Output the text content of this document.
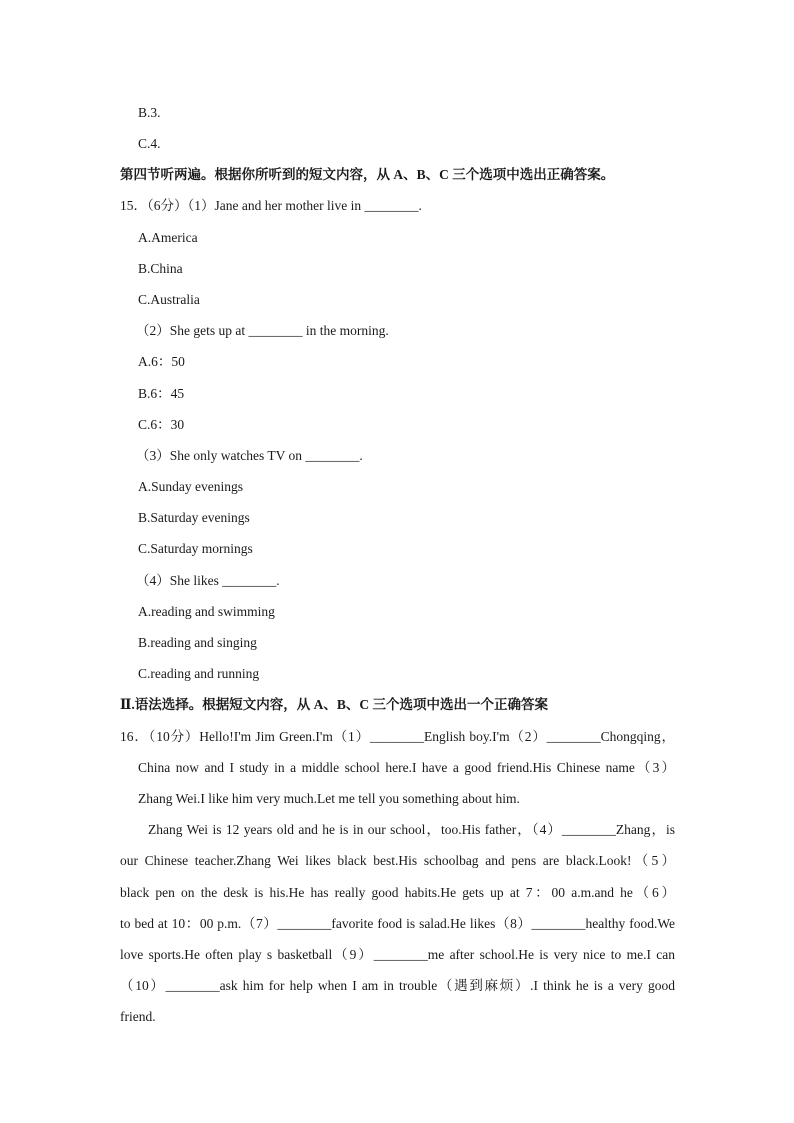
B.3.
C.4.
第四节听两遍。根据你所听到的短文内容，从 A、B、C 三个选项中选出正确答案。
15．（6分）（1）Jane and her mother live in ________.
A.America
B.China
C.Australia
（2）She gets up at ________ in the morning.
A.6：50
B.6：45
C.6：30
（3）She only watches TV on ________.
A.Sunday evenings
B.Saturday evenings
C.Saturday mornings
（4）She likes ________.
A.reading and swimming
B.reading and singing
C.reading and running
Ⅱ.语法选择。根据短文内容，从 A、B、C 三个选项中选出一个正确答案
16．（10分）Hello!I'm Jim Green.I'm（1）________English boy.I'm（2）________Chongqing，
China now and I study in a middle school here.I have a good friend.His Chinese name（3）
Zhang Wei.I like him very much.Let me tell you something about him.
Zhang Wei is 12 years old and he is in our school，too.His father，（4）________Zhang，is
our Chinese teacher.Zhang Wei likes black best.His schoolbag and pens are black.Look!（5）
black pen on the desk is his.He has really good habits.He gets up at 7：00 a.m.and he（6）
to bed at 10：00 p.m.（7）________favorite food is salad.He likes（8）________healthy food.We
love sports.He often play s basketball（9）________me after school.He is very nice to me.I can
（10）________ask him for help when I am in trouble（遇到麻烦）.I think he is a very good
friend.
